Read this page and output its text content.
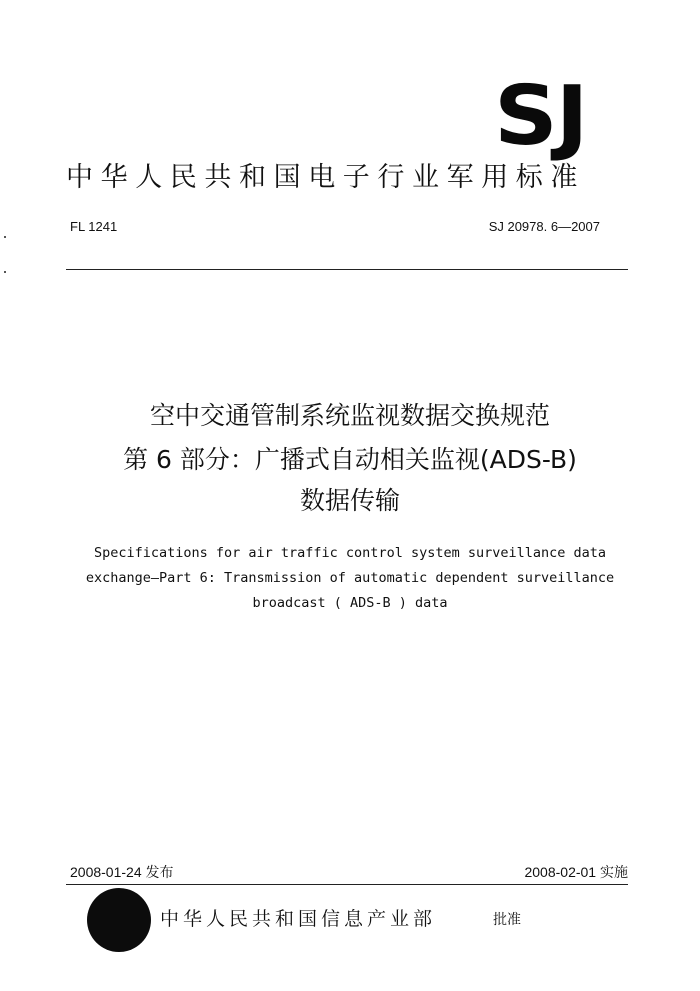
SJ
中华人民共和国电子行业军用标准
FL 1241	SJ 20978. 6—2007
空中交通管制系统监视数据交换规范
第 6 部分：广播式自动相关监视(ADS-B)
数据传输
Specifications for air traffic control system surveillance data
exchange—Part 6: Transmission of automatic dependent surveillance
broadcast ( ADS-B ) data
2008-01-24 发布	2008-02-01 实施
中华人民共和国信息产业部	批准
